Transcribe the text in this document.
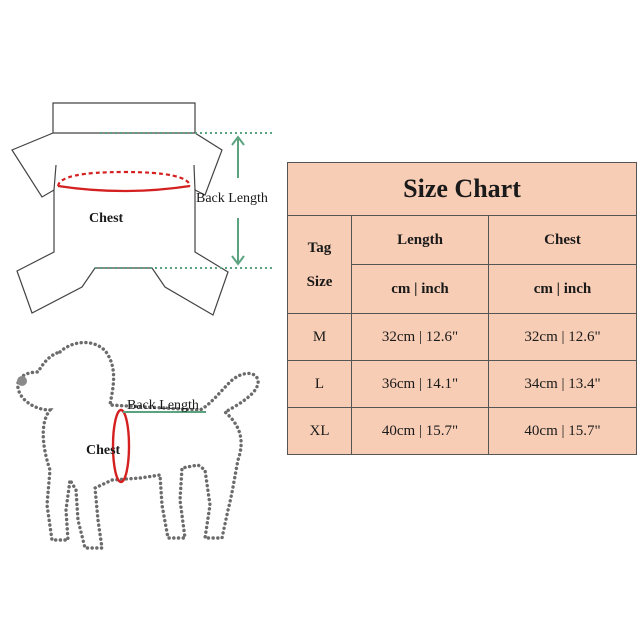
Chest
Back Length
Chest
Back Length
Size Chart		

Tag
Size	Length	Chest
	cm | inch	cm | inch
M	32cm | 12.6"	32cm | 12.6"
L	36cm | 14.1"	34cm | 13.4"
XL	40cm | 15.7"	40cm | 15.7"
